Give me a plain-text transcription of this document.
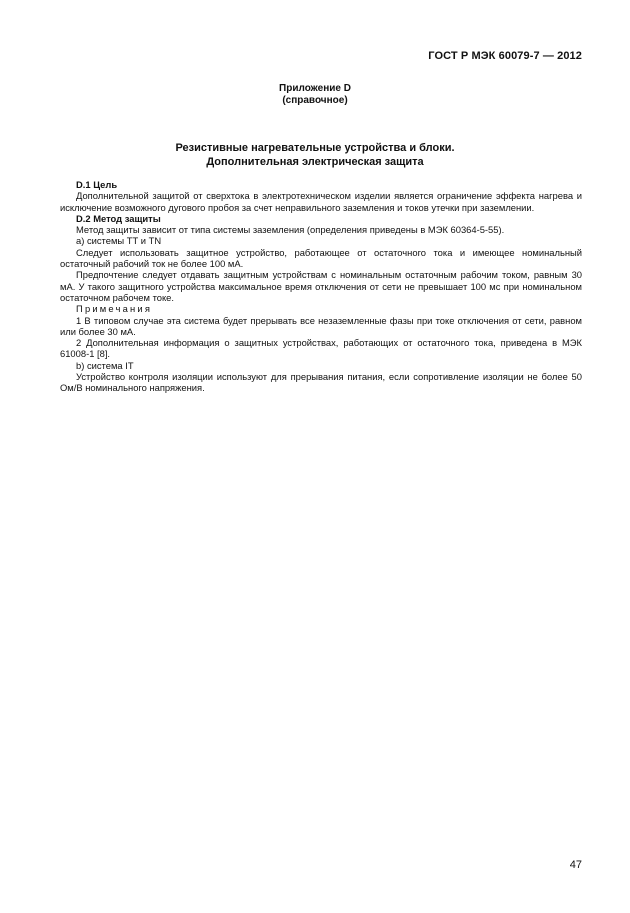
ГОСТ Р МЭК 60079-7 — 2012
Приложение D
(справочное)
Резистивные нагревательные устройства и блоки.
Дополнительная электрическая защита

D.1 Цель

Дополнительной защитой от сверхтока в электротехническом изделии является ограничение эффекта нагрева и исключение возможного дугового пробоя за счет неправильного заземления и токов утечки при заземлении.

D.2 Метод защиты

Метод защиты зависит от типа системы заземления (определения приведены в МЭК 60364-5-55).

a) системы ТТ и TN

Следует использовать защитное устройство, работающее от остаточного тока и имеющее номинальный остаточный рабочий ток не более 100 мА.

Предпочтение следует отдавать защитным устройствам с номинальным остаточным рабочим током, равным 30 мА. У такого защитного устройства максимальное время отключения от сети не превышает 100 мс при номинальном остаточном рабочем токе.

Примечания

1 В типовом случае эта система будет прерывать все незаземленные фазы при токе отключения от сети, равном или более 30 мА.

2 Дополнительная информация о защитных устройствах, работающих от остаточного тока, приведена в МЭК 61008-1 [8].

b) система IT

Устройство контроля изоляции используют для прерывания питания, если сопротивление изоляции не более 50 Ом/В номинального напряжения.

47
